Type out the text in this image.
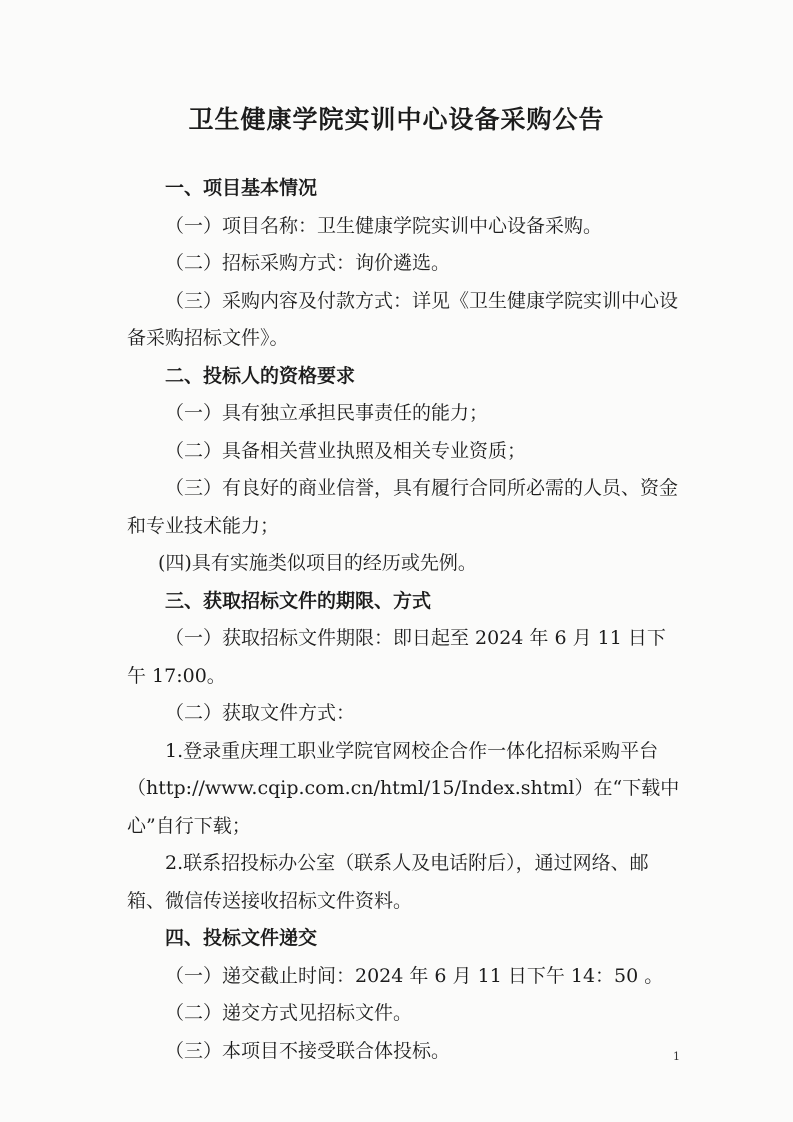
卫生健康学院实训中心设备采购公告

一、项目基本情况

（一）项目名称：卫生健康学院实训中心设备采购。

（二）招标采购方式：询价遴选。

（三）采购内容及付款方式：详见《卫生健康学院实训中心设备采购招标文件》。

二、投标人的资格要求

（一）具有独立承担民事责任的能力；

（二）具备相关营业执照及相关专业资质；

（三）有良好的商业信誉，具有履行合同所必需的人员、资金和专业技术能力；

(四)具有实施类似项目的经历或先例。

三、获取招标文件的期限、方式

（一）获取招标文件期限：即日起至 2024 年 6 月 11 日下午 17:00。

（二）获取文件方式：

1.登录重庆理工职业学院官网校企合作一体化招标采购平台（http://www.cqip.com.cn/html/15/Index.shtml）在“下载中心”自行下载；

2.联系招投标办公室（联系人及电话附后），通过网络、邮箱、微信传送接收招标文件资料。

四、投标文件递交

（一）递交截止时间：2024 年 6 月 11 日下午 14：50 。

（二）递交方式见招标文件。

（三）本项目不接受联合体投标。	1
